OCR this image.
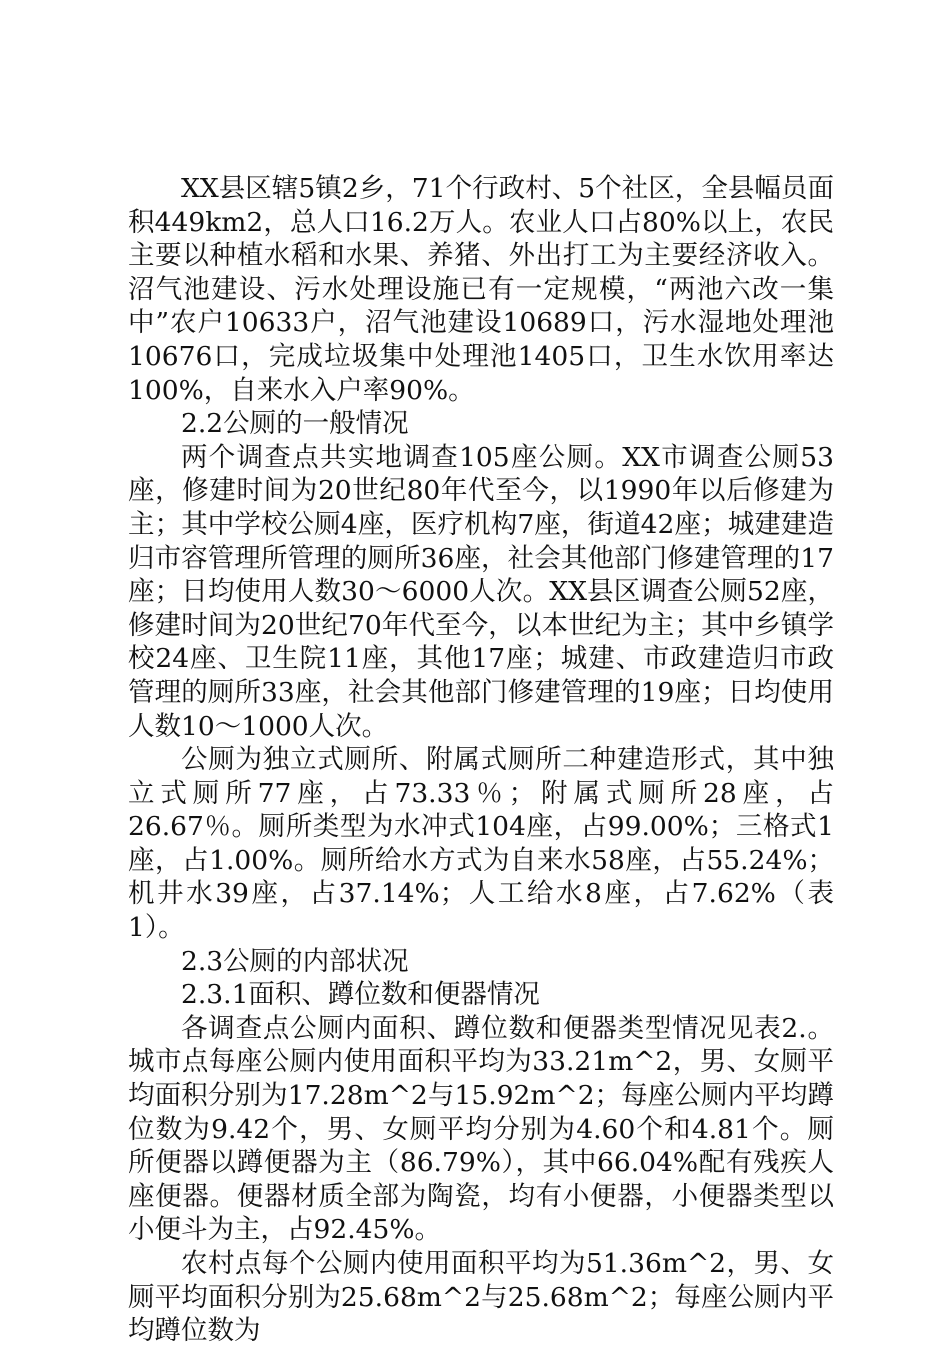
XX县区辖5镇2乡，71个行政村、5个社区，全县幅员面积449km2，总人口16.2万人。农业人口占80%以上，农民主要以种植水稻和水果、养猪、外出打工为主要经济收入。沼气池建设、污水处理设施已有一定规模，“两池六改一集中”农户10633户，沼气池建设10689口，污水湿地处理池10676口，完成垃圾集中处理池1405口，卫生水饮用率达100%，自来水入户率90%。

2.2公厕的一般情况

两个调查点共实地调查105座公厕。XX市调查公厕53座，修建时间为20世纪80年代至今，以1990年以后修建为主；其中学校公厕4座，医疗机构7座，街道42座；城建建造归市容管理所管理的厕所36座，社会其他部门修建管理的17座；日均使用人数30～6000人次。XX县区调查公厕52座，修建时间为20世纪70年代至今，以本世纪为主；其中乡镇学校24座、卫生院11座，其他17座；城建、市政建造归市政管理的厕所33座，社会其他部门修建管理的19座；日均使用人数10～1000人次。

公厕为独立式厕所、附属式厕所二种建造形式，其中独立式厕所77座，占73.33％；附属式厕所28座，占26.67％。厕所类型为水冲式104座，占99.00%；三格式1座，占1.00%。厕所给水方式为自来水58座，占55.24%；机井水39座，占37.14%；人工给水8座，占7.62%（表1）。

2.3公厕的内部状况

2.3.1面积、蹲位数和便器情况

各调查点公厕内面积、蹲位数和便器类型情况见表2.。城市点每座公厕内使用面积平均为33.21m^2，男、女厕平均面积分别为17.28m^2与15.92m^2；每座公厕内平均蹲位数为9.42个，男、女厕平均分别为4.60个和4.81个。厕所便器以蹲便器为主（86.79%），其中66.04%配有残疾人座便器。便器材质全部为陶瓷，均有小便器，小便器类型以小便斗为主，占92.45%。

农村点每个公厕内使用面积平均为51.36m^2，男、女厕平均面积分别为25.68m^2与25.68m^2；每座公厕内平均蹲位数为
